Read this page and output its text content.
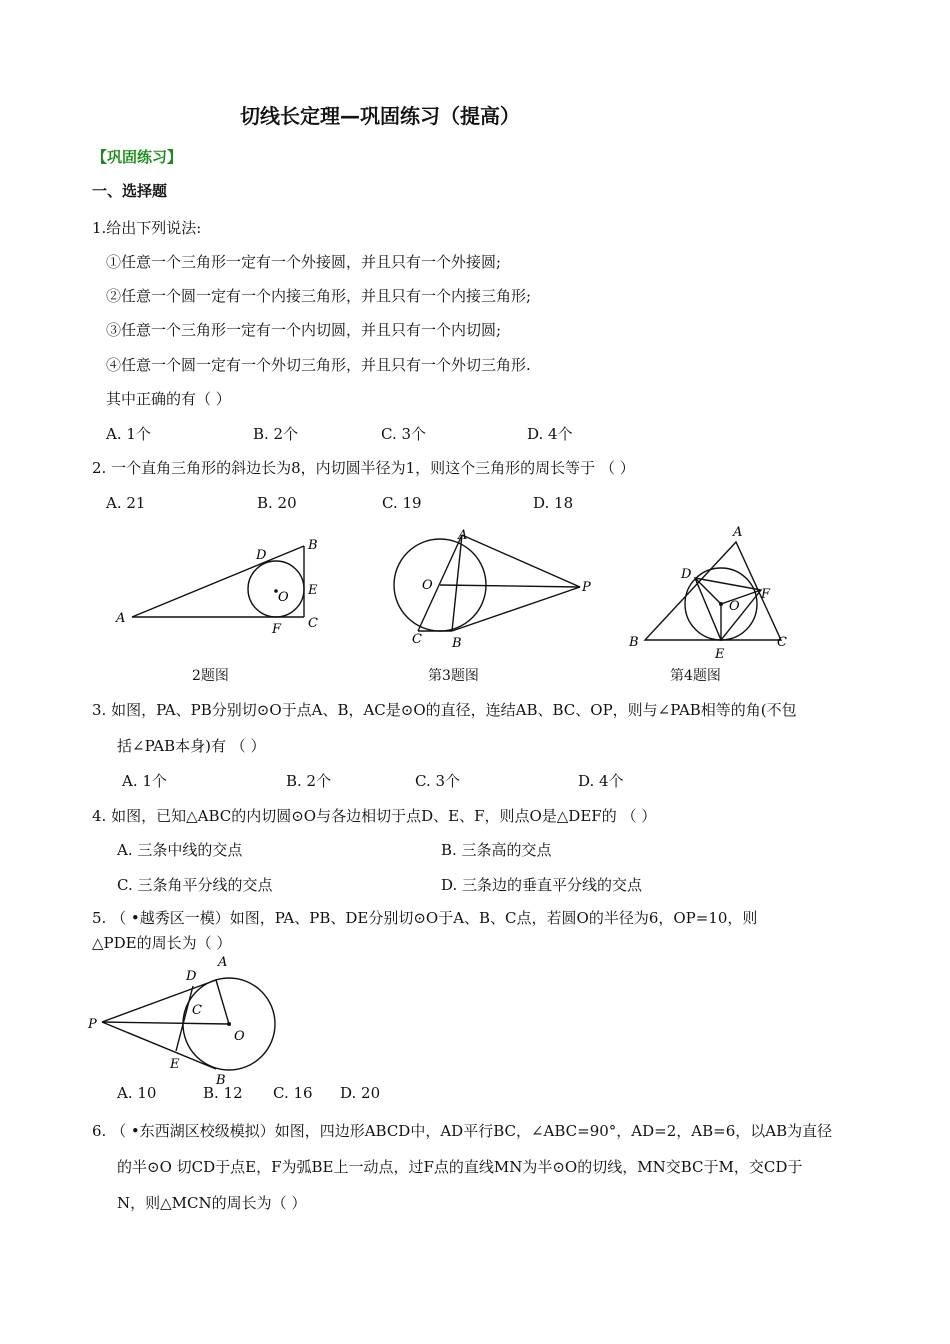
切线长定理—巩固练习（提高）
【巩固练习】
一、选择题
1.给出下列说法:
①任意一个三角形一定有一个外接圆，并且只有一个外接圆;
②任意一个圆一定有一个内接三角形，并且只有一个内接三角形;
③任意一个三角形一定有一个内切圆，并且只有一个内切圆;
④任意一个圆一定有一个外切三角形，并且只有一个外切三角形.
其中正确的有（ ）
A. 1个	B. 2个	C. 3个	D. 4个
2. 一个直角三角形的斜边长为8，内切圆半径为1，则这个三角形的周长等于 （ ）
A. 21	B. 20	C. 19	D. 18
A
B
C
D
E
F
O
2题图
A
B
C
O	P
第3题图
A
B	C
D
E
F
O
第4题图
3. 如图，PA、PB分别切⊙O于点A、B，AC是⊙O的直径，连结AB、BC、OP，则与∠PAB相等的角(不包
括∠PAB本身)有 （ ）
A. 1个	B. 2个	C. 3个	D. 4个
4. 如图，已知△ABC的内切圆⊙O与各边相切于点D、E、F，则点O是△DEF的 （ ）
A. 三条中线的交点	B. 三条高的交点
C. 三条角平分线的交点	D. 三条边的垂直平分线的交点
5. （ •越秀区一模）如图，PA、PB、DE分别切⊙O于A、B、C点，若圆O的半径为6，OP=10，则
△PDE的周长为（ ）
A
B
C
D
E
O
P
A. 10	B. 12 C. 16 D. 20
6. （ •东西湖区校级模拟）如图，四边形ABCD中，AD平行BC，∠ABC=90°，AD=2，AB=6，以AB为直径
的半⊙O 切CD于点E，F为弧BE上一动点，过F点的直线MN为半⊙O的切线，MN交BC于M，交CD于
N，则△MCN的周长为（ ）
